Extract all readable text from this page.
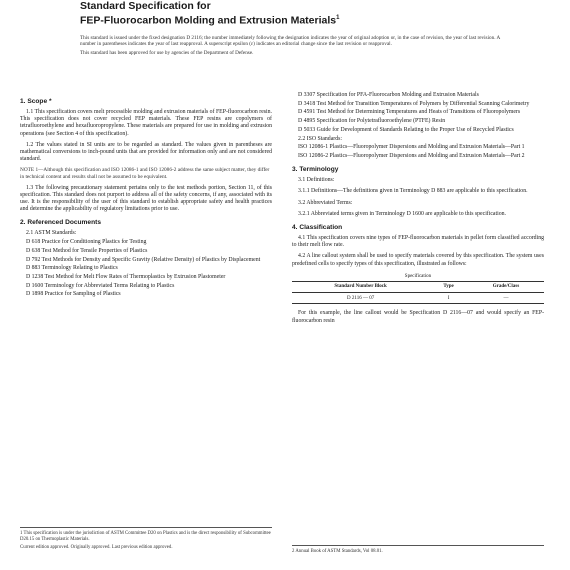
Standard Specification for
FEP-Fluorocarbon Molding and Extrusion Materials$^1$

This standard is issued under the fixed designation D 2116; the number immediately following the designation indicates the year of original adoption or, in the case of revision, the year of last revision. A number in parentheses indicates the year of last reapproval. A superscript epsilon (ε) indicates an editorial change since the last revision or reapproval.

This standard has been approved for use by agencies of the Department of Defense.

1. Scope *

1.1 This specification covers melt processible molding and extrusion materials of FEP-fluorocarbon resin. This specification does not cover recycled FEP materials. These FEP resins are copolymers of tetrafluoroethylene and hexafluoropropylene. These materials are prepared for use in molding and extrusion operations (see Section 4 of this specification).

1.2 The values stated in SI units are to be regarded as standard. The values given in parentheses are mathematical conversions to inch-pound units that are provided for information only and are not considered standard.

NOTE 1—Although this specification and ISO 12086-1 and ISO 12086-2 address the same subject matter, they differ in technical content and results shall not be assumed to be equivalent.

1.3 The following precautionary statement pertains only to the test methods portion, Section 11, of this specification. This standard does not purport to address all of the safety concerns, if any, associated with its use. It is the responsibility of the user of this standard to establish appropriate safety and health practices and determine the applicability of regulatory limitations prior to use.

2. Referenced Documents
2.1 ASTM Standards:
D 618 Practice for Conditioning Plastics for Testing
D 638 Test Method for Tensile Properties of Plastics
D 792 Test Methods for Density and Specific Gravity (Relative Density) of Plastics by Displacement
D 883 Terminology Relating to Plastics
D 1238 Test Method for Melt Flow Rates of Thermoplastics by Extrusion Plastometer
D 1600 Terminology for Abbreviated Terms Relating to Plastics
D 1898 Practice for Sampling of Plastics

1 This specification is under the jurisdiction of ASTM Committee D20 on Plastics and is the direct responsibility of Subcommittee D20.15 on Thermoplastic Materials.

Current edition approved. Originally approved. Last previous edition approved.

D 3307 Specification for PFA-Fluorocarbon Molding and Extrusion Materials
D 3418 Test Method for Transition Temperatures of Polymers by Differential Scanning Calorimetry
D 4591 Test Method for Determining Temperatures and Heats of Transitions of Fluoropolymers
D 4895 Specification for Polytetrafluoroethylene (PTFE) Resin
D 5033 Guide for Development of Standards Relating to the Proper Use of Recycled Plastics
2.2 ISO Standards:
ISO 12086-1 Plastics—Fluoropolymer Dispersions and Molding and Extrusion Materials—Part 1
ISO 12086-2 Plastics—Fluoropolymer Dispersions and Molding and Extrusion Materials—Part 2
3. Terminology

3.1 Definitions:

3.1.1 Definitions—The definitions given in Terminology D 883 are applicable to this specification.

3.2 Abbreviated Terms:

3.2.1 Abbreviated terms given in Terminology D 1600 are applicable to this specification.

4. Classification

4.1 This specification covers nine types of FEP-fluorocarbon materials in pellet form classified according to their melt flow rate.

4.2 A line callout system shall be used to specify materials covered by this specification. The system uses predefined cells to specify types of this specification, illustrated as follows:

Specification
Standard Number Block	Type	Grade/Class
D 2116 — 07	I	—

For this example, the line callout would be Specification D 2116—07 and would specify an FEP-fluorocarbon resin

2 Annual Book of ASTM Standards, Vol 08.01.
